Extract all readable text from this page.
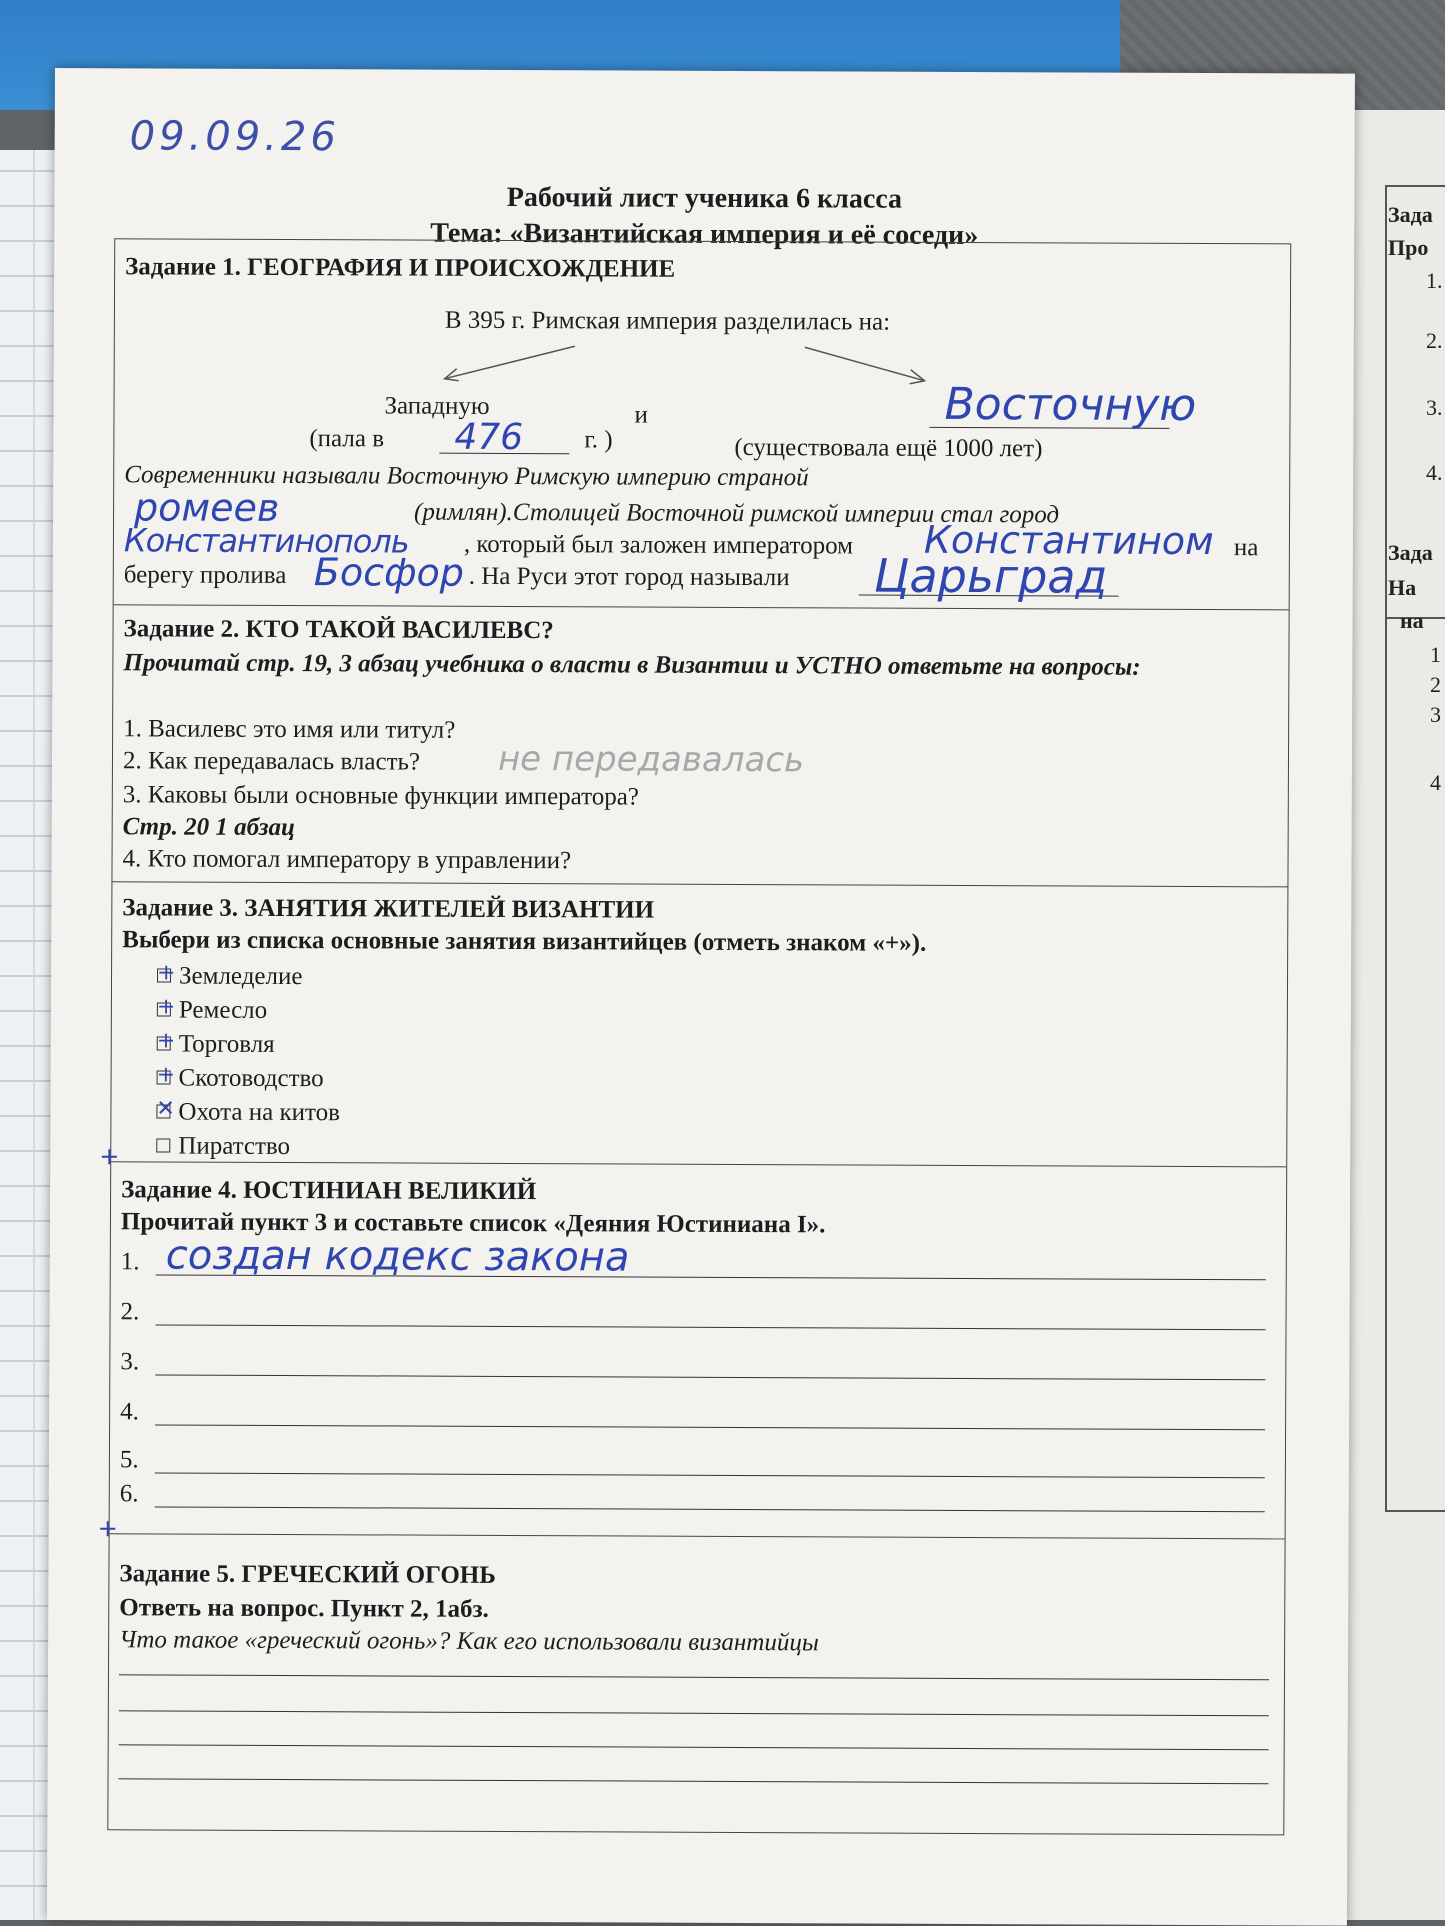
Зада
Про
1.
2.
3.
4.
Зада
На
на
1
2
3
4
09.09.26
Рабочий лист ученика 6 класса
Тема: «Византийская империя и её соседи»
Задание 1. ГЕОГРАФИЯ И ПРОИСХОЖДЕНИЕ
В 395 г. Римская империя разделилась на:
Западную	и	Восточную
(пала в 476 г. )	(существовала ещё 1000 лет)
Современники называли Восточную Римскую империю страной
ромеев	(римлян).Столицей Восточной римской империи стал город
Константинополь , который был заложен императором Константином на
берегу пролива Босфор . На Руси этот город называли Царьград
Задание 2. КТО ТАКОЙ ВАСИЛЕВС?
Прочитай стр. 19, 3 абзац учебника о власти в Византии и УСТНО ответьте на вопросы:
1. Василевс это имя или титул?
2. Как передавалась власть? не передавалась
3. Каковы были основные функции императора?
Стр. 20 1 абзац
4. Кто помогал императору в управлении?
Задание 3. ЗАНЯТИЯ ЖИТЕЛЕЙ ВИЗАНТИИ
Выбери из списка основные занятия византийцев (отметь знаком «+»).
Земледелие
+
Ремесло
+
Торговля
+
Скотоводство
+
Охота на китов
✕
Пиратство
+
Задание 4. ЮСТИНИАН ВЕЛИКИЙ
Прочитай пункт 3 и составьте список «Деяния Юстиниана I».
1. создан кодекс закона
2.
3.
4.
5.
6.
+
Задание 5. ГРЕЧЕСКИЙ ОГОНЬ
Ответь на вопрос. Пункт 2, 1абз.
Что такое «греческий огонь»? Как его использовали византийцы
